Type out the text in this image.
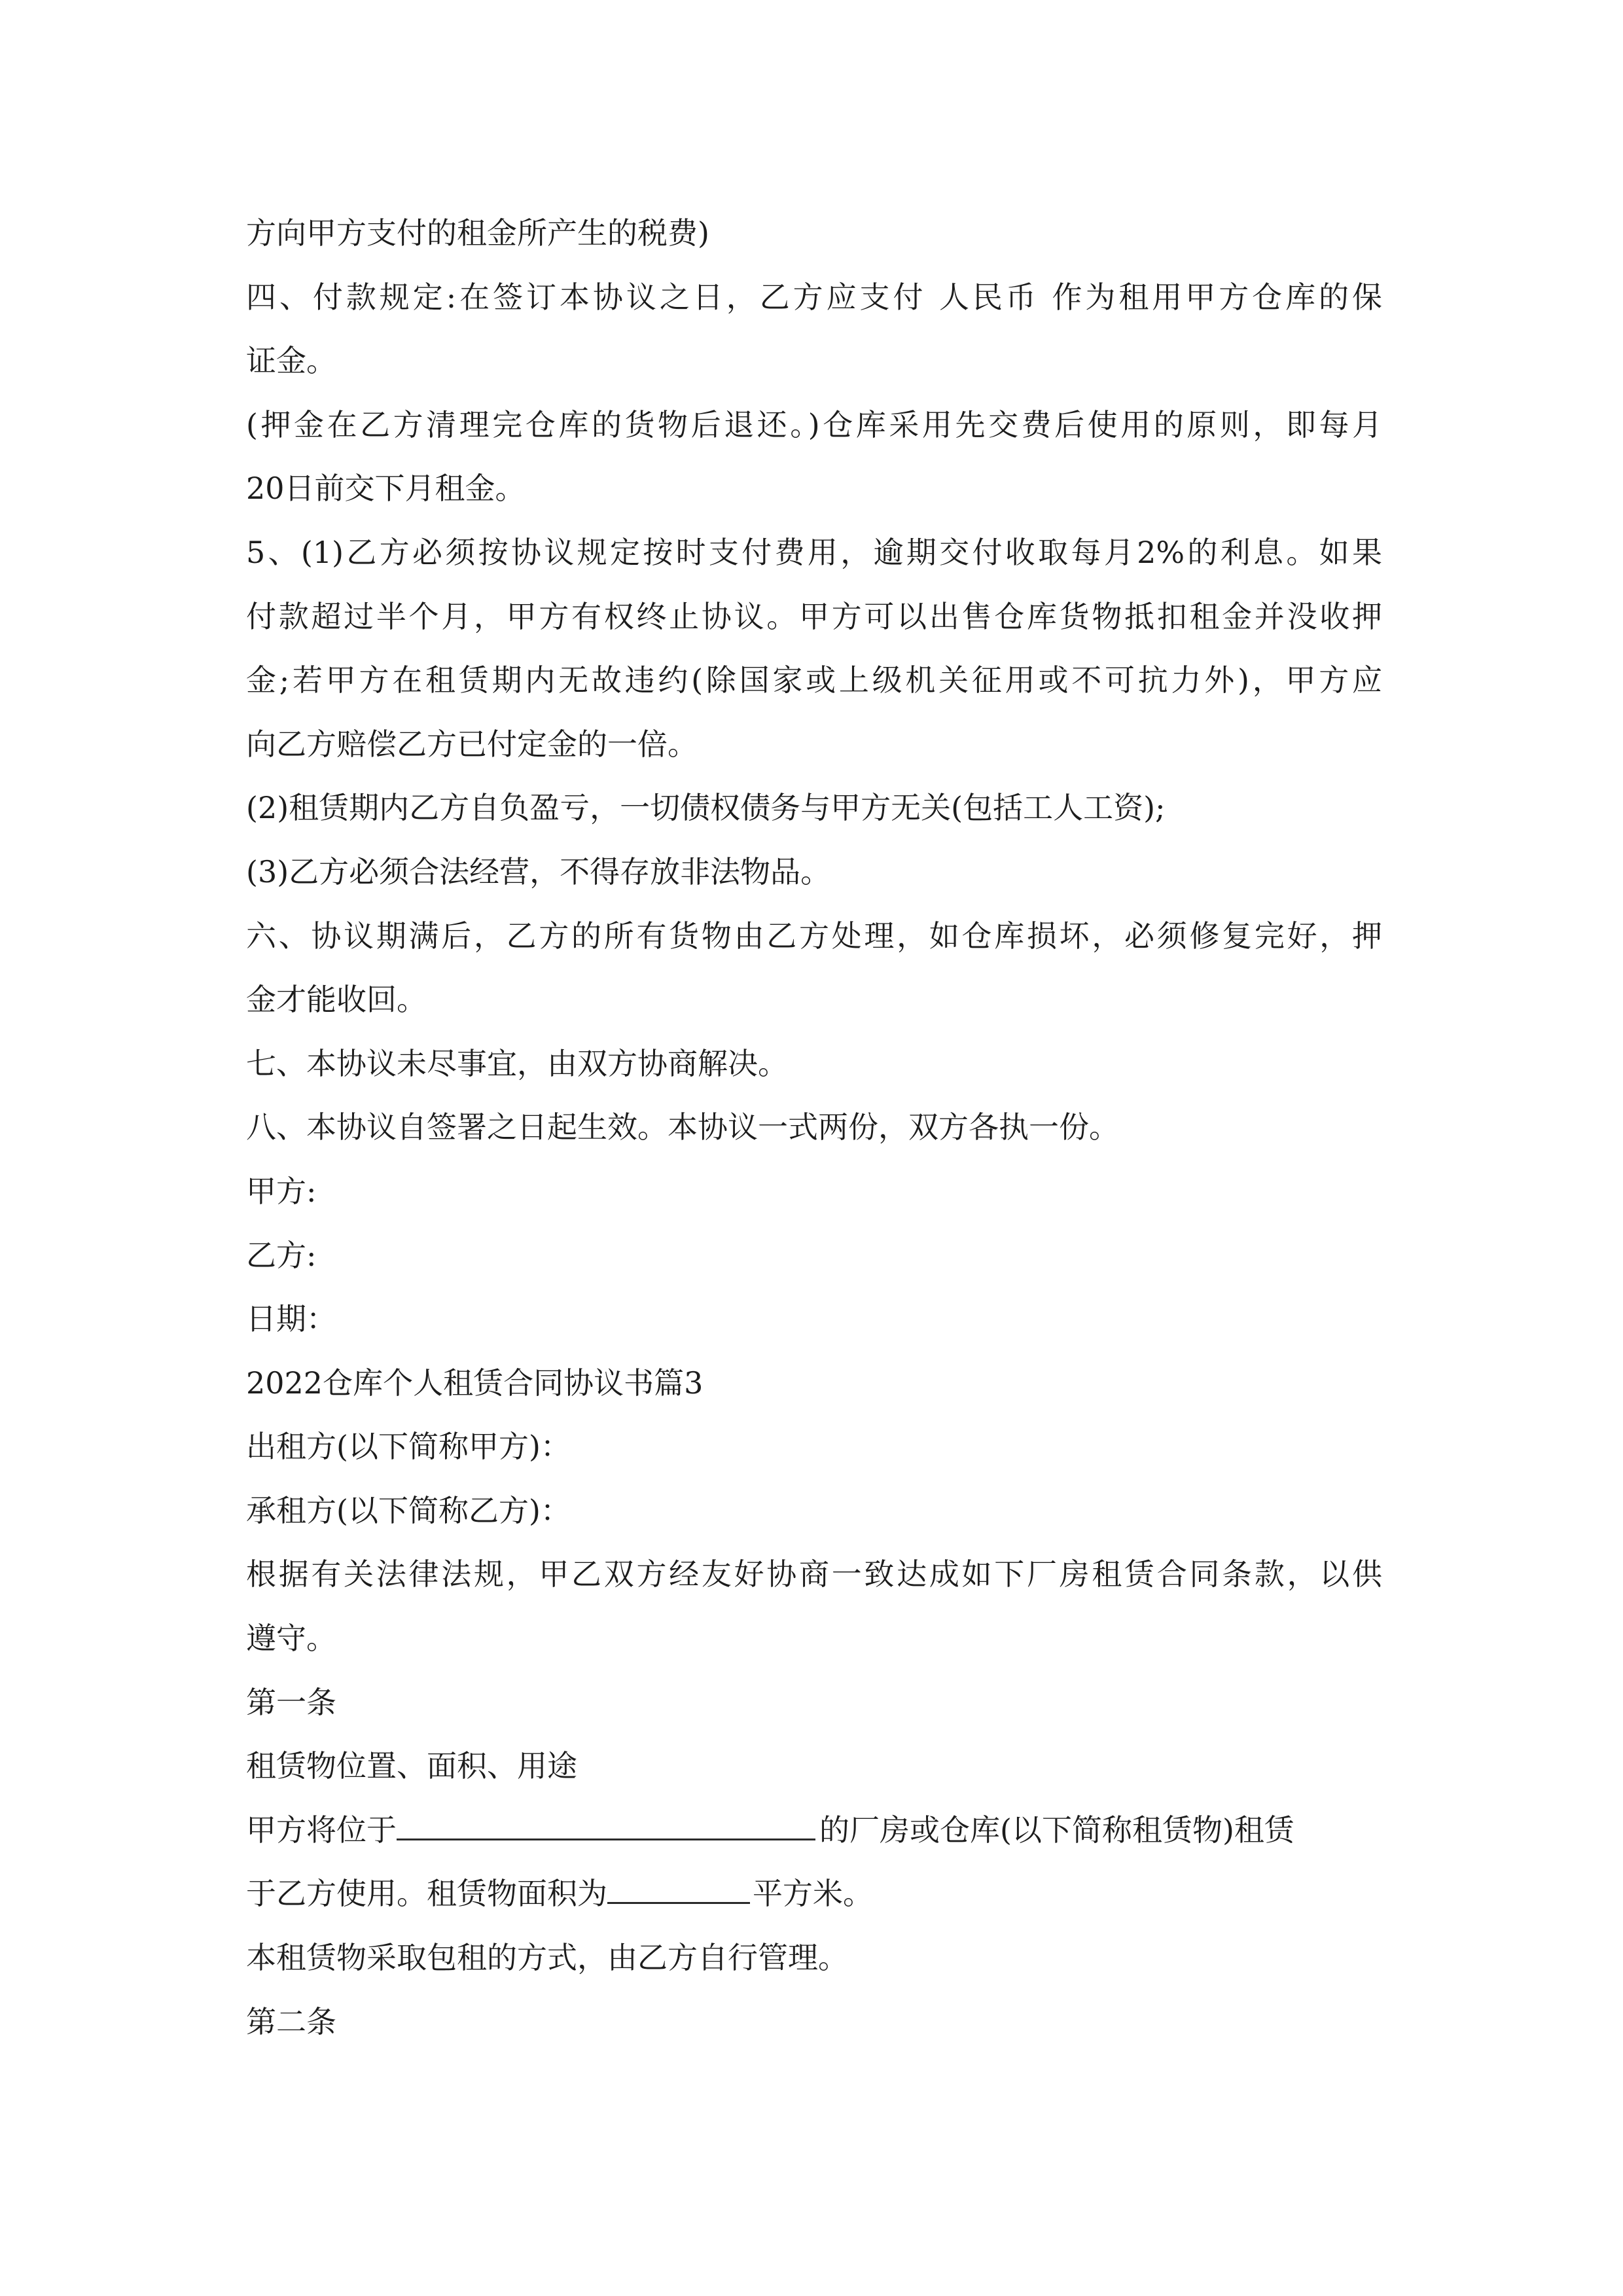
方向甲方支付的租金所产生的税费)
四、付款规定:在签订本协议之日，乙方应支付 人民币 作为租用甲方仓库的保
证金。
(押金在乙方清理完仓库的货物后退还。)仓库采用先交费后使用的原则，即每月
20日前交下月租金。
5、(1)乙方必须按协议规定按时支付费用，逾期交付收取每月2%的利息。如果
付款超过半个月，甲方有权终止协议。甲方可以出售仓库货物抵扣租金并没收押
金;若甲方在租赁期内无故违约(除国家或上级机关征用或不可抗力外)，甲方应
向乙方赔偿乙方已付定金的一倍。
(2)租赁期内乙方自负盈亏，一切债权债务与甲方无关(包括工人工资);
(3)乙方必须合法经营，不得存放非法物品。
六、协议期满后，乙方的所有货物由乙方处理，如仓库损坏，必须修复完好，押
金才能收回。
七、本协议未尽事宜，由双方协商解决。
八、本协议自签署之日起生效。本协议一式两份，双方各执一份。
甲方:
乙方:
日期：
2022仓库个人租赁合同协议书篇3
出租方(以下简称甲方)：
承租方(以下简称乙方)：
根据有关法律法规，甲乙双方经友好协商一致达成如下厂房租赁合同条款，以供
遵守。
第一条
租赁物位置、面积、用途
甲方将位于	的厂房或仓库(以下简称租赁物)租赁
于乙方使用。租赁物面积为	平方米。
本租赁物采取包租的方式，由乙方自行管理。
第二条
